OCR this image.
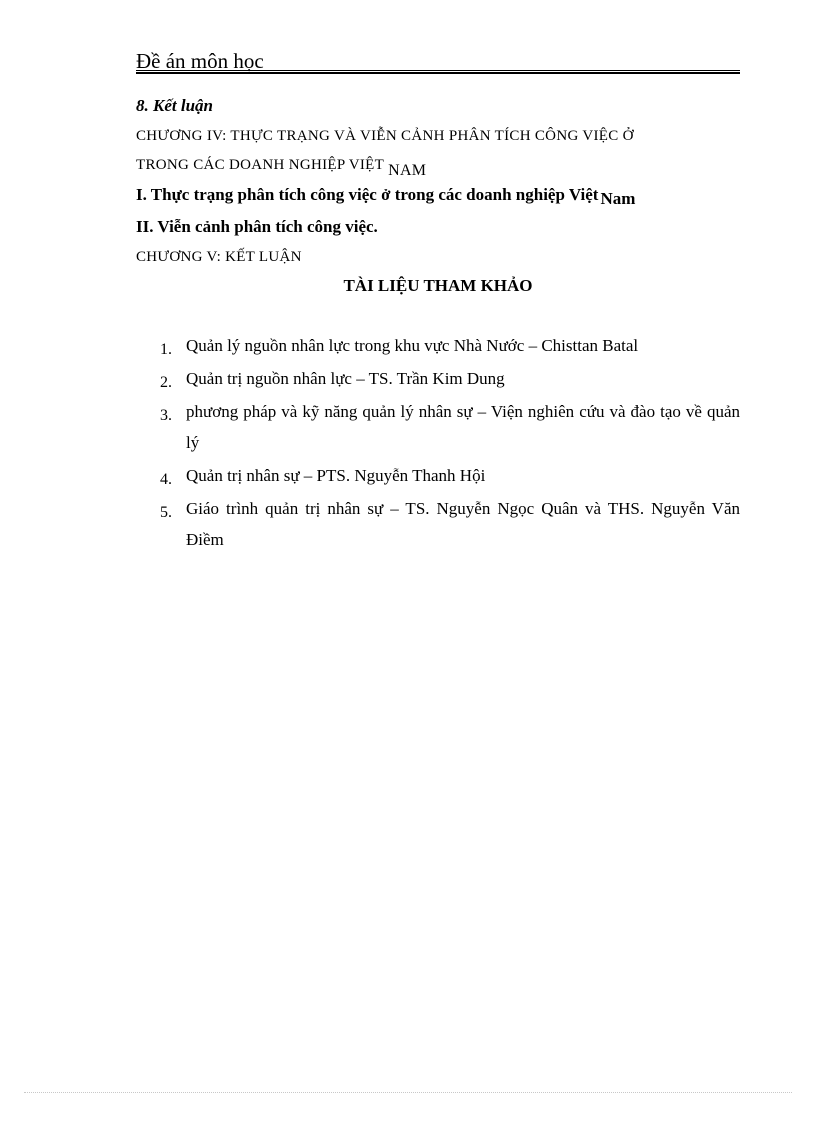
Đề án môn học
8. Kết luận
CHƯƠNG IV: THỰC TRẠNG VÀ VIỄN CẢNH PHÂN TÍCH CÔNG VIỆC Ở
TRONG CÁC DOANH NGHIỆP VIỆT NAM
I. Thực trạng phân tích công việc ở trong các doanh nghiệp Việt Nam
II. Viễn cảnh phân tích công việc.
CHƯƠNG V: KẾT LUẬN
TÀI LIỆU THAM KHẢO
1. Quản lý nguồn nhân lực trong khu vực Nhà Nước – Chisttan Batal
2. Quản trị nguồn nhân lực – TS. Trần Kim Dung
3. phương pháp và kỹ năng quản lý nhân sự – Viện nghiên cứu và đào tạo về quản lý
4. Quản trị nhân sự – PTS. Nguyễn Thanh Hội
5. Giáo trình quản trị nhân sự – TS. Nguyễn Ngọc Quân và THS. Nguyễn Văn Điềm
